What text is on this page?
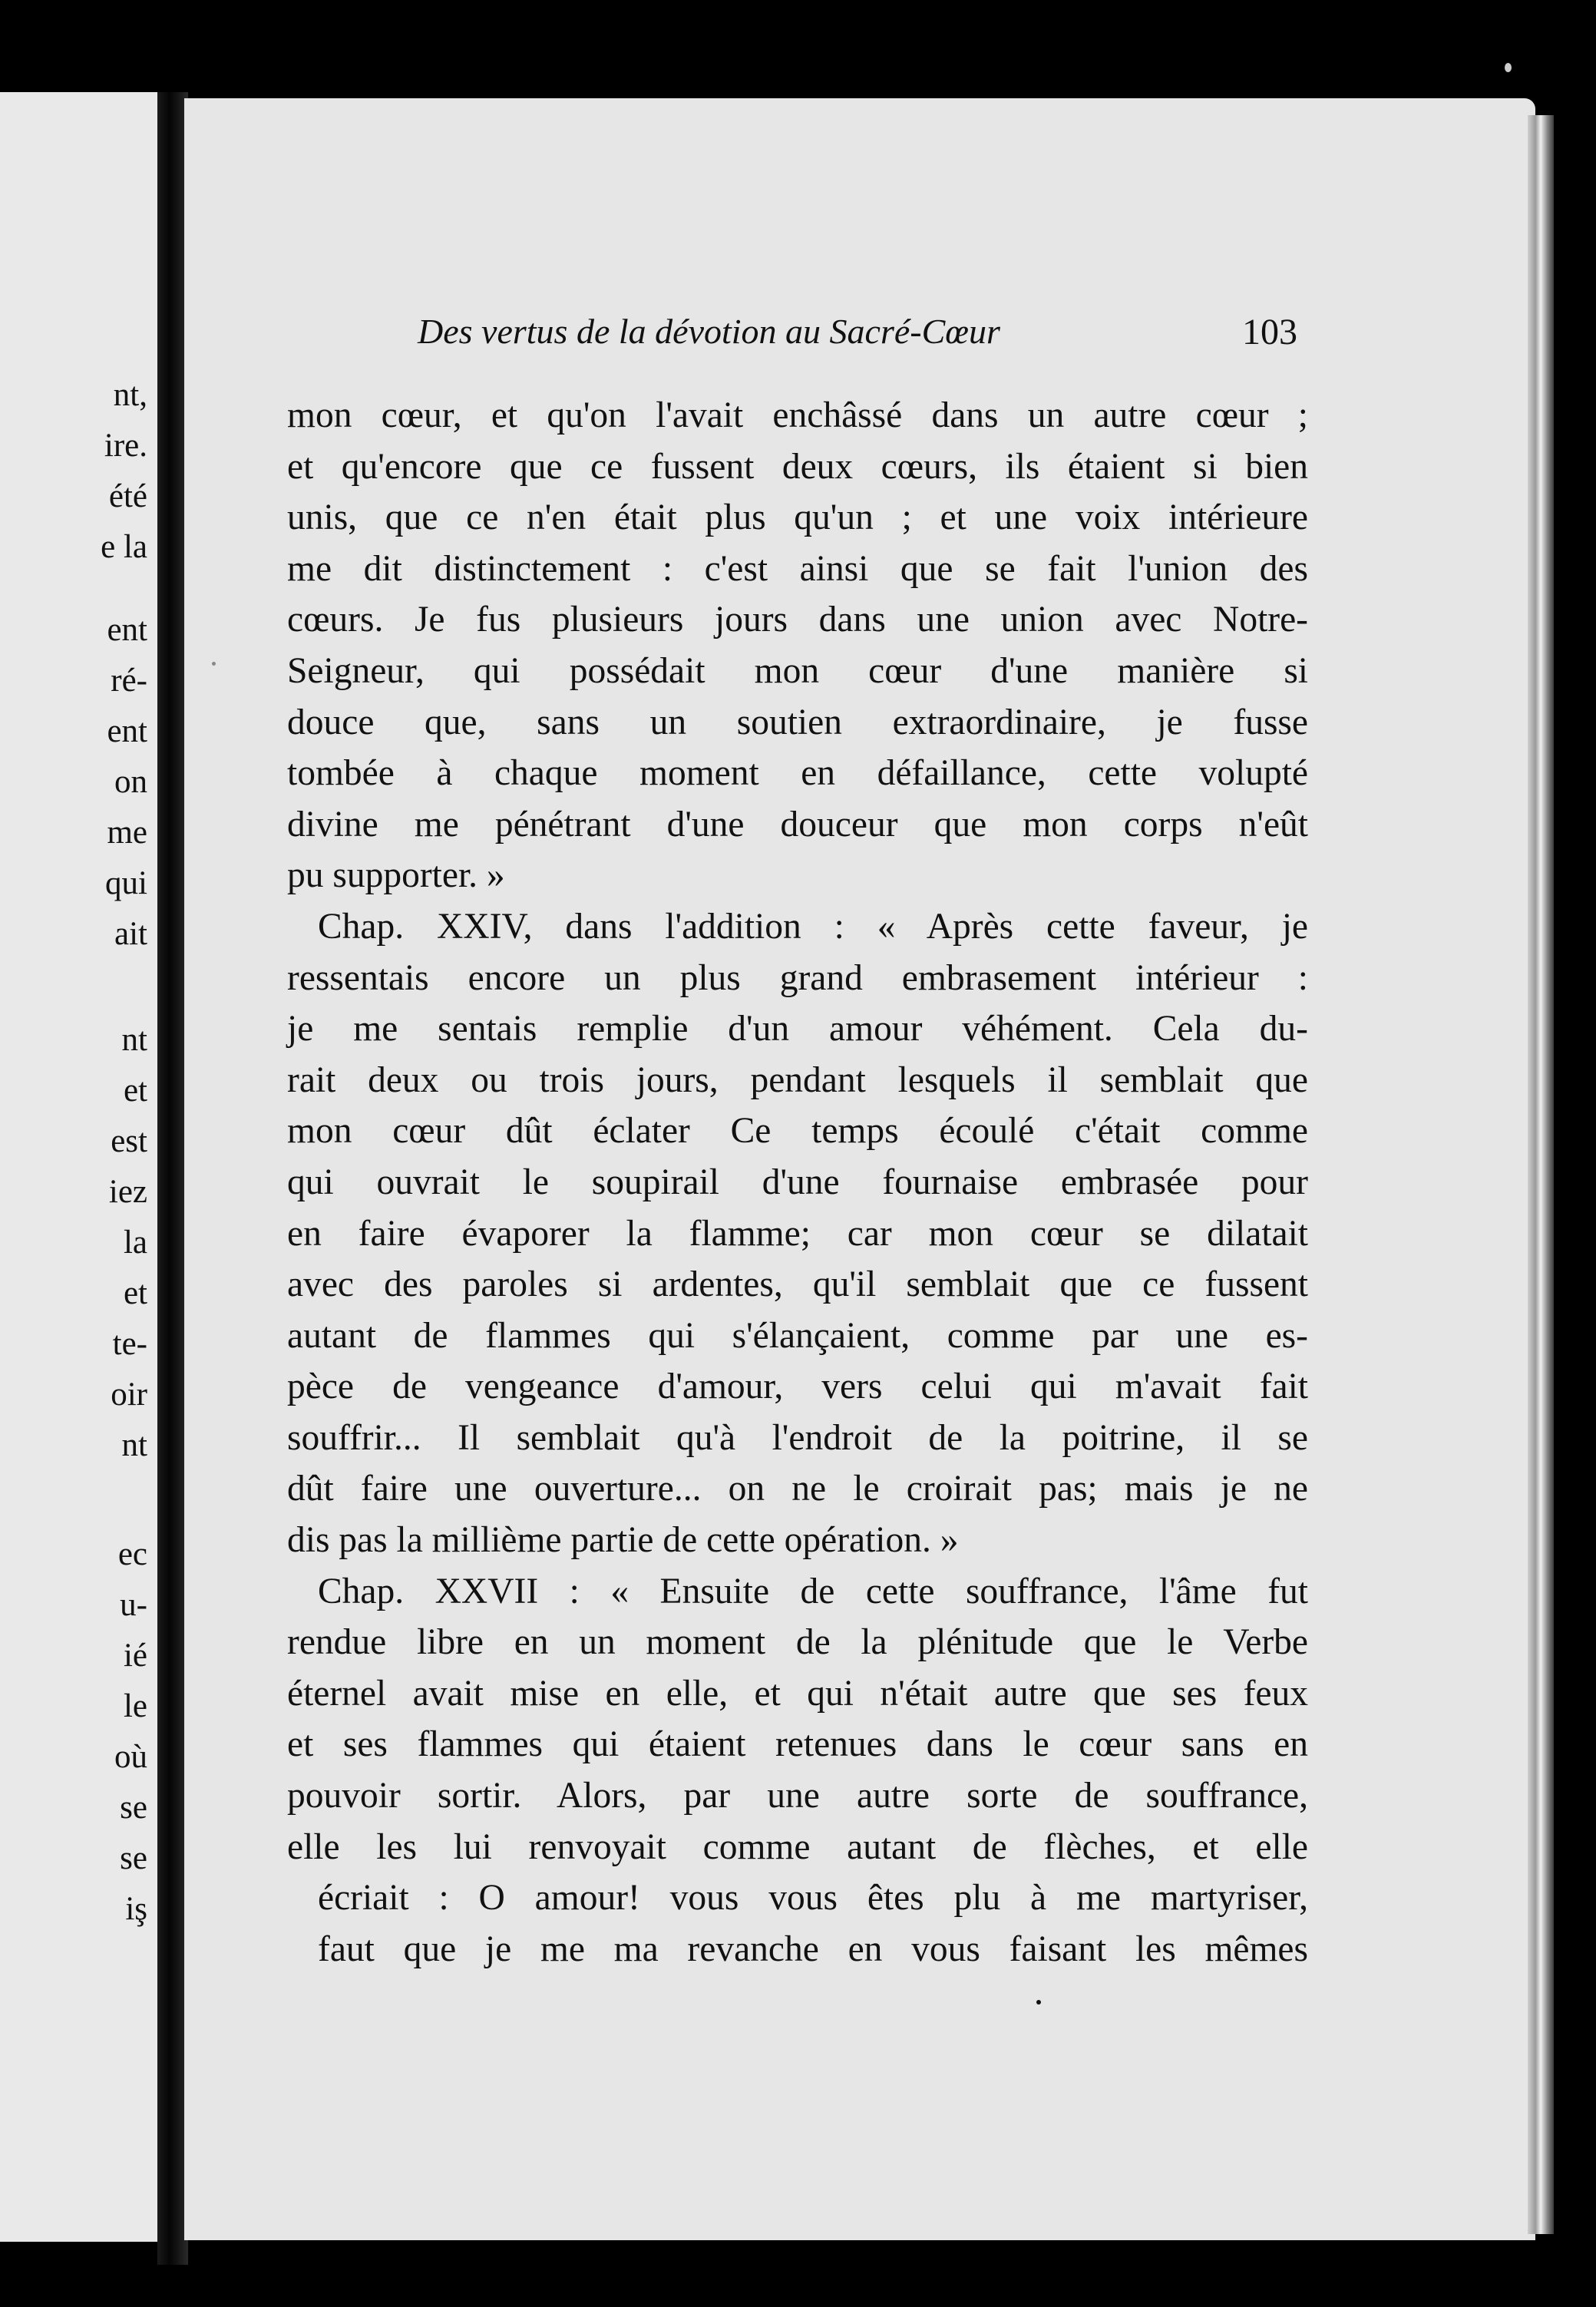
nt,
ire.
été
e la
ent
ré-
ent
on
me
qui
ait
nt
et
est
iez
la
et
te-
oir
nt
ec
u-
ié
le
où
se
se
iş
Des vertus de la dévotion au Sacré-Cœur	103
mon cœur, et qu'on l'avait enchâssé dans un autre cœur ;
et qu'encore que ce fussent deux cœurs, ils étaient si bien
unis, que ce n'en était plus qu'un ; et une voix intérieure
me dit distinctement : c'est ainsi que se fait l'union des
cœurs. Je fus plusieurs jours dans une union avec Notre-
Seigneur, qui possédait mon cœur d'une manière si
douce que, sans un soutien extraordinaire, je fusse
tombée à chaque moment en défaillance, cette volupté
divine me pénétrant d'une douceur que mon corps n'eût
pu supporter. »
Chap. XXIV, dans l'addition : « Après cette faveur, je
ressentais encore un plus grand embrasement intérieur :
je me sentais remplie d'un amour véhément. Cela du-
rait deux ou trois jours, pendant lesquels il semblait que
mon cœur dût éclater Ce temps écoulé c'était comme
qui ouvrait le soupirail d'une fournaise embrasée pour
en faire évaporer la flamme; car mon cœur se dilatait
avec des paroles si ardentes, qu'il semblait que ce fussent
autant de flammes qui s'élançaient, comme par une es-
pèce de vengeance d'amour, vers celui qui m'avait fait
souffrir... Il semblait qu'à l'endroit de la poitrine, il se
dût faire une ouverture... on ne le croirait pas; mais je ne
dis pas la millième partie de cette opération. »
Chap. XXVII : « Ensuite de cette souffrance, l'âme fut
rendue libre en un moment de la plénitude que le Verbe
éternel avait mise en elle, et qui n'était autre que ses feux
et ses flammes qui étaient retenues dans le cœur sans en
pouvoir sortir. Alors, par une autre sorte de souffrance,
elle les lui renvoyait comme autant de flèches, et elle
écriait : O amour! vous vous êtes plu à me martyriser,
faut que je me ma revanche en vous faisant les mêmes
